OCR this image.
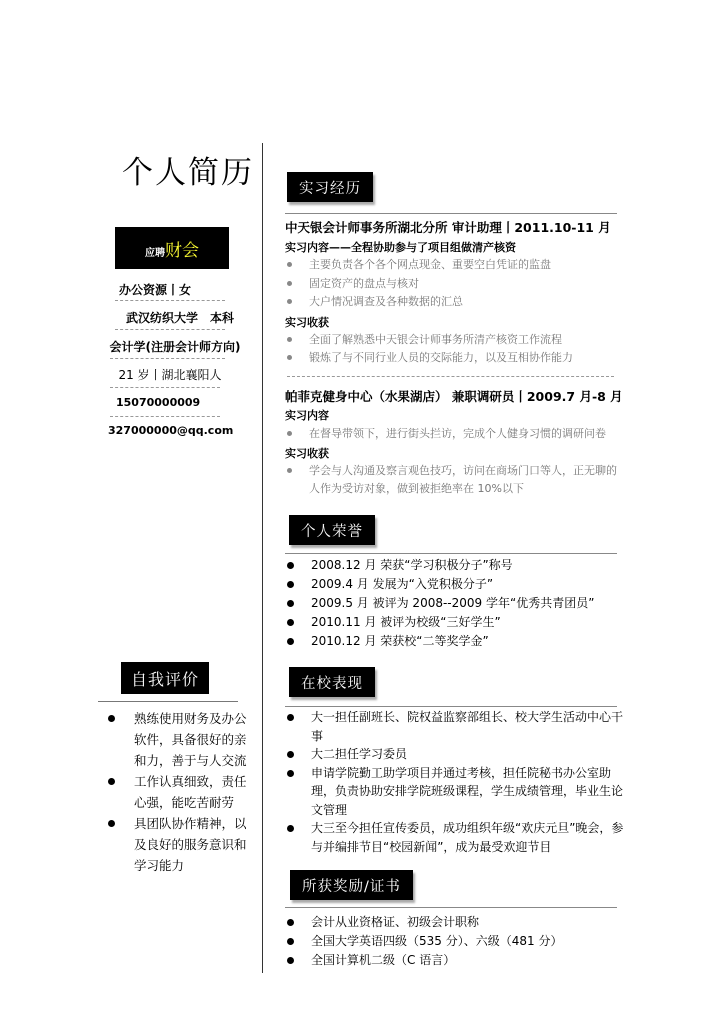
个人简历
应聘 财会
办公资源丨女
武汉纺织大学　本科
会计学(注册会计师方向)
21 岁丨湖北襄阳人
15070000009
327000000@qq.com
自我评价
熟练使用财务及办公软件，具备很好的亲和力，善于与人交流
工作认真细致，责任心强，能吃苦耐劳
具团队协作精神，以及良好的服务意识和学习能力
实习经历
中天银会计师事务所湖北分所 审计助理丨2011.10-11 月
实习内容——全程协助参与了项目组做清产核资
主要负责各个各个网点现金、重要空白凭证的监盘
固定资产的盘点与核对
大户情况调查及各种数据的汇总
实习收获
全面了解熟悉中天银会计师事务所清产核资工作流程
锻炼了与不同行业人员的交际能力，以及互相协作能力
帕菲克健身中心（水果湖店） 兼职调研员丨2009.7 月-8 月
实习内容
在督导带领下，进行街头拦访，完成个人健身习惯的调研问卷
实习收获
学会与人沟通及察言观色技巧，访问在商场门口等人，正无聊的人作为受访对象，做到被拒绝率在 10%以下
个人荣誉
2008.12 月 荣获“学习积极分子”称号
2009.4 月 发展为“入党积极分子”
2009.5 月 被评为 2008--2009 学年“优秀共青团员”
2010.11 月 被评为校级“三好学生”
2010.12 月 荣获校“二等奖学金”
在校表现
大一担任副班长、院权益监察部组长、校大学生活动中心干事
大二担任学习委员
申请学院勤工助学项目并通过考核，担任院秘书办公室助理，负责协助安排学院班级课程，学生成绩管理，毕业生论文管理
大三至今担任宣传委员，成功组织年级“欢庆元旦”晚会，参与并编排节目“校园新闻”，成为最受欢迎节目
所获奖励/证书
会计从业资格证、初级会计职称
全国大学英语四级（535 分）、六级（481 分）
全国计算机二级（C 语言）
